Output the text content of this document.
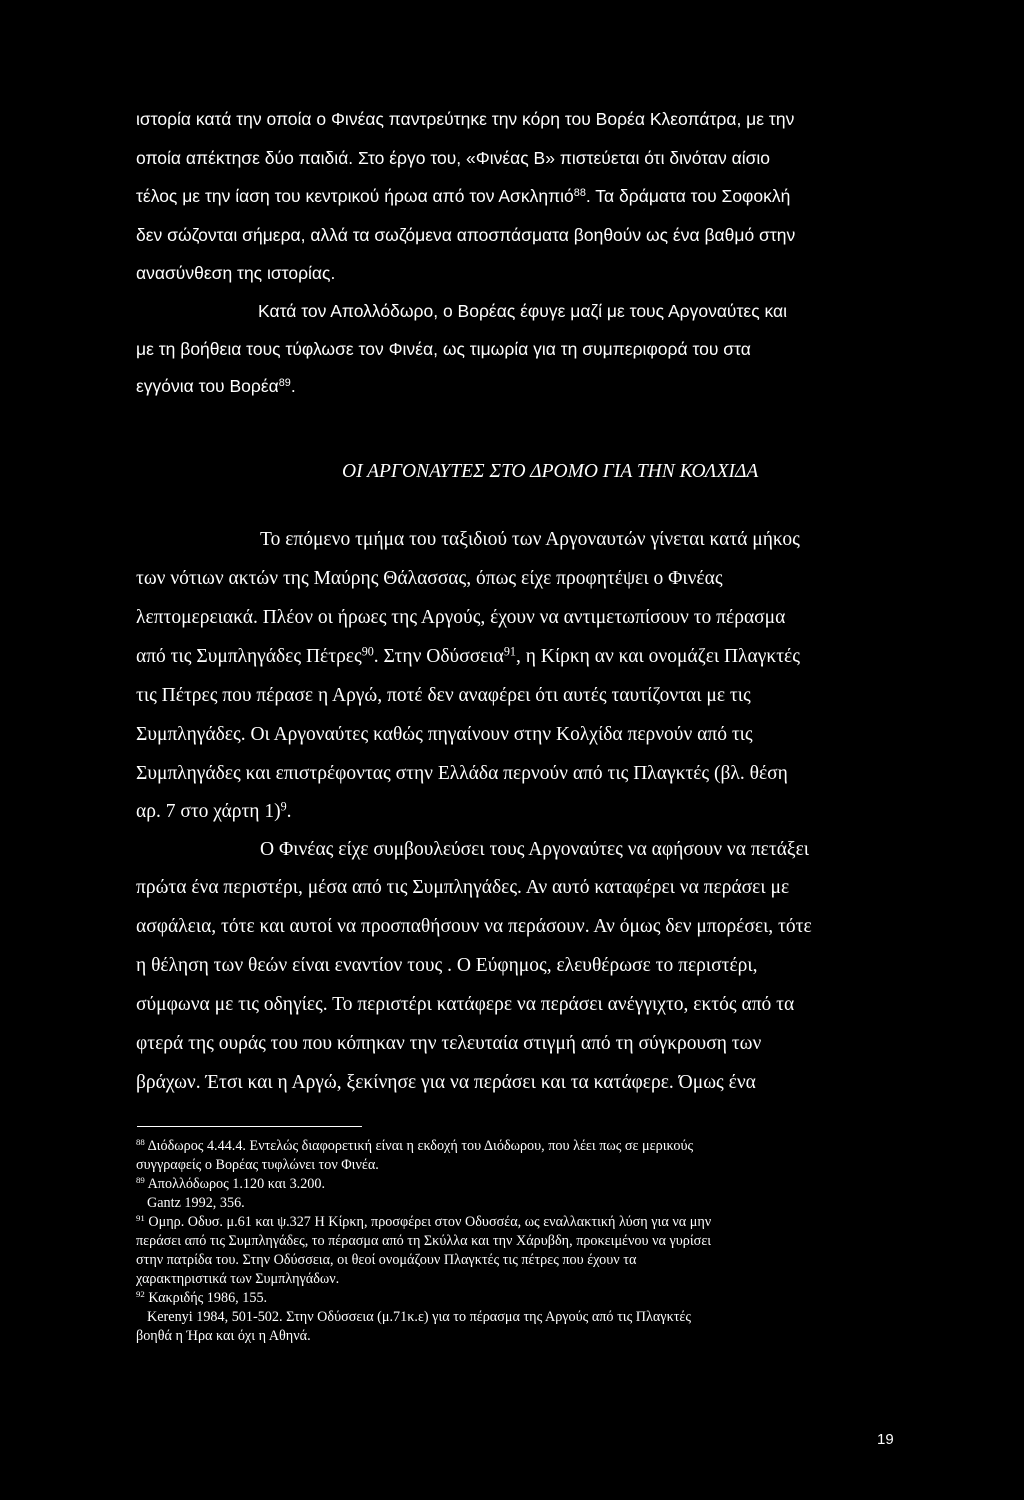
ιστορία κατά την οποία ο Φινέας παντρεύτηκε την κόρη του Βορέα Κλεοπάτρα, με την
οποία απέκτησε δύο παιδιά. Στο έργο του, «Φινέας Β» πιστεύεται ότι δινόταν αίσιο
τέλος με την ίαση του κεντρικού ήρωα από τον Ασκληπιό$^{88}$. Τα δράματα του Σοφοκλή
δεν σώζονται σήμερα, αλλά τα σωζόμενα αποσπάσματα βοηθούν ως ένα βαθμό στην
ανασύνθεση της ιστορίας.
Κατά τον Απολλόδωρο, ο Βορέας έφυγε μαζί με τους Αργοναύτες και
με τη βοήθεια τους τύφλωσε τον Φινέα, ως τιμωρία για τη συμπεριφορά του στα
εγγόνια του Βορέα$^{89}$.
ΟΙ ΑΡΓΟΝΑΥΤΕΣ ΣΤΟ ΔΡΟΜΟ ΓΙΑ ΤΗΝ ΚΟΛΧΙΔΑ
Το επόμενο τμήμα του ταξιδιού των Αργοναυτών γίνεται κατά μήκος
των νότιων ακτών της Μαύρης Θάλασσας, όπως είχε προφητέψει ο Φινέας
λεπτομερειακά. Πλέον οι ήρωες της Αργούς, έχουν να αντιμετωπίσουν το πέρασμα
από τις Συμπληγάδες Πέτρες$^{90}$. Στην Οδύσσεια$^{91}$, η Κίρκη αν και ονομάζει Πλαγκτές
τις Πέτρες που πέρασε η Αργώ, ποτέ δεν αναφέρει ότι αυτές ταυτίζονται με τις
Συμπληγάδες. Οι Αργοναύτες καθώς πηγαίνουν στην Κολχίδα περνούν από τις
Συμπληγάδες και επιστρέφοντας στην Ελλάδα περνούν από τις Πλαγκτές (βλ. θέση
αρ. 7 στο χάρτη 1)$^9$.
Ο Φινέας είχε συμβουλεύσει τους Αργοναύτες να αφήσουν να πετάξει
πρώτα ένα περιστέρι, μέσα από τις Συμπληγάδες. Αν αυτό καταφέρει να περάσει με
ασφάλεια, τότε και αυτοί να προσπαθήσουν να περάσουν. Αν όμως δεν μπορέσει, τότε
η θέληση των θεών είναι εναντίον τους . Ο Εύφημος, ελευθέρωσε το περιστέρι,
σύμφωνα με τις οδηγίες. Το περιστέρι κατάφερε να περάσει ανέγγιχτο, εκτός από τα
φτερά της ουράς του που κόπηκαν την τελευταία στιγμή από τη σύγκρουση των
βράχων. Έτσι και η Αργώ, ξεκίνησε για να περάσει και τα κατάφερε. Όμως ένα
$^{88}$ Διόδωρος 4.44.4. Εντελώς διαφορετική είναι η εκδοχή του Διόδωρου, που λέει πως σε μερικούς
συγγραφείς ο Βορέας τυφλώνει τον Φινέα.
$^{89}$ Απολλόδωρος 1.120 και 3.200.
Gantz 1992, 356.
$^{91}$ Ομηρ. Οδυσ. μ.61 και ψ.327 Η Κίρκη, προσφέρει στον Οδυσσέα, ως εναλλακτική λύση για να μην
περάσει από τις Συμπληγάδες, το πέρασμα από τη Σκύλλα και την Χάρυβδη, προκειμένου να γυρίσει
στην πατρίδα του. Στην Οδύσσεια, οι θεοί ονομάζουν Πλαγκτές τις πέτρες που έχουν τα
χαρακτηριστικά των Συμπληγάδων.
$^{92}$ Κακριδής 1986, 155.
Kerenyi 1984, 501-502. Στην Οδύσσεια (μ.71κ.ε) για το πέρασμα της Αργούς από τις Πλαγκτές
βοηθά η Ήρα και όχι η Αθηνά.
19
